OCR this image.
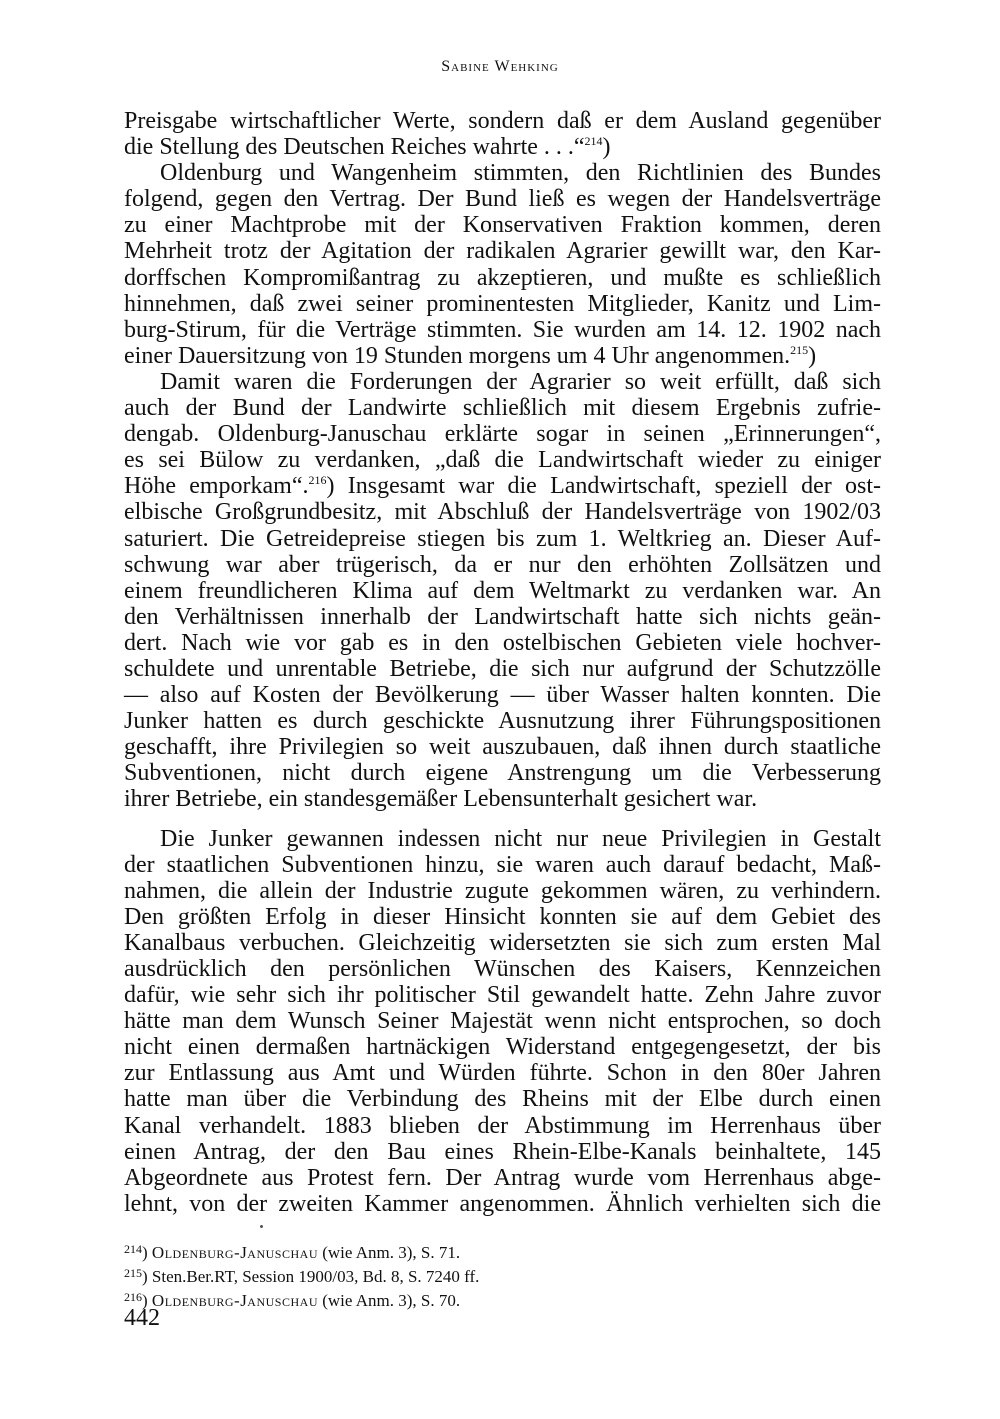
Sabine Wehking
Preisgabe wirtschaftlicher Werte, sondern daß er dem Ausland gegenüber
die Stellung des Deutschen Reiches wahrte . . .“$^{214}$)
Oldenburg und Wangenheim stimmten, den Richtlinien des Bundes
folgend, gegen den Vertrag. Der Bund ließ es wegen der Handelsverträge
zu einer Machtprobe mit der Konservativen Fraktion kommen, deren
Mehrheit trotz der Agitation der radikalen Agrarier gewillt war, den Kar-
dorffschen Kompromißantrag zu akzeptieren, und mußte es schließlich
hinnehmen, daß zwei seiner prominentesten Mitglieder, Kanitz und Lim-
burg-Stirum, für die Verträge stimmten. Sie wurden am 14. 12. 1902 nach
einer Dauersitzung von 19 Stunden morgens um 4 Uhr angenommen.$^{215}$)
Damit waren die Forderungen der Agrarier so weit erfüllt, daß sich
auch der Bund der Landwirte schließlich mit diesem Ergebnis zufrie-
dengab. Oldenburg-Januschau erklärte sogar in seinen „Erinnerungen“,
es sei Bülow zu verdanken, „daß die Landwirtschaft wieder zu einiger
Höhe emporkam“.$^{216}$) Insgesamt war die Landwirtschaft, speziell der ost-
elbische Großgrundbesitz, mit Abschluß der Handelsverträge von 1902/03
saturiert. Die Getreidepreise stiegen bis zum 1. Weltkrieg an. Dieser Auf-
schwung war aber trügerisch, da er nur den erhöhten Zollsätzen und
einem freundlicheren Klima auf dem Weltmarkt zu verdanken war. An
den Verhältnissen innerhalb der Landwirtschaft hatte sich nichts geän-
dert. Nach wie vor gab es in den ostelbischen Gebieten viele hochver-
schuldete und unrentable Betriebe, die sich nur aufgrund der Schutzzölle
— also auf Kosten der Bevölkerung — über Wasser halten konnten. Die
Junker hatten es durch geschickte Ausnutzung ihrer Führungspositionen
geschafft, ihre Privilegien so weit auszubauen, daß ihnen durch staatliche
Subventionen, nicht durch eigene Anstrengung um die Verbesserung
ihrer Betriebe, ein standesgemäßer Lebensunterhalt gesichert war.
Die Junker gewannen indessen nicht nur neue Privilegien in Gestalt
der staatlichen Subventionen hinzu, sie waren auch darauf bedacht, Maß-
nahmen, die allein der Industrie zugute gekommen wären, zu verhindern.
Den größten Erfolg in dieser Hinsicht konnten sie auf dem Gebiet des
Kanalbaus verbuchen. Gleichzeitig widersetzten sie sich zum ersten Mal
ausdrücklich den persönlichen Wünschen des Kaisers, Kennzeichen
dafür, wie sehr sich ihr politischer Stil gewandelt hatte. Zehn Jahre zuvor
hätte man dem Wunsch Seiner Majestät wenn nicht entsprochen, so doch
nicht einen dermaßen hartnäckigen Widerstand entgegengesetzt, der bis
zur Entlassung aus Amt und Würden führte. Schon in den 80er Jahren
hatte man über die Verbindung des Rheins mit der Elbe durch einen
Kanal verhandelt. 1883 blieben der Abstimmung im Herrenhaus über
einen Antrag, der den Bau eines Rhein-Elbe-Kanals beinhaltete, 145
Abgeordnete aus Protest fern. Der Antrag wurde vom Herrenhaus abge-
lehnt, von der zweiten Kammer angenommen. Ähnlich verhielten sich die
$^{214}$) Oldenburg-Januschau (wie Anm. 3), S. 71.
$^{215}$) Sten.Ber.RT, Session 1900/03, Bd. 8, S. 7240 ff.
$^{216}$) Oldenburg-Januschau (wie Anm. 3), S. 70.
442
